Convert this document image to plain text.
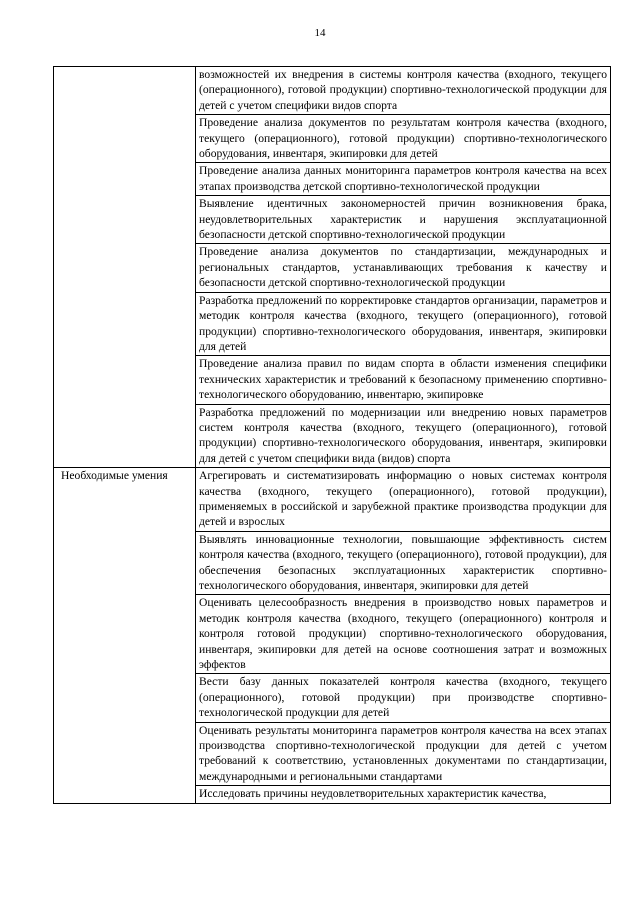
14
	возможностей их внедрения в системы контроля качества (входного, текущего (операционного), готовой продукции) спортивно-технологической продукции для детей с учетом специфики видов спорта
	Проведение анализа документов по результатам контроля качества (входного, текущего (операционного), готовой продукции) спортивно-технологического оборудования, инвентаря, экипировки для детей
	Проведение анализа данных мониторинга параметров контроля качества на всех этапах производства детской спортивно-технологической продукции
	Выявление идентичных закономерностей причин возникновения брака, неудовлетворительных характеристик и нарушения эксплуатационной безопасности детской спортивно-технологической продукции
	Проведение анализа документов по стандартизации, международных и региональных стандартов, устанавливающих требования к качеству и безопасности детской спортивно-технологической продукции
	Разработка предложений по корректировке стандартов организации, параметров и методик контроля качества (входного, текущего (операционного), готовой продукции) спортивно-технологического оборудования, инвентаря, экипировки для детей
	Проведение анализа правил по видам спорта в области изменения специфики технических характеристик и требований к безопасному применению спортивно-технологического оборудованию, инвентарю, экипировке
	Разработка предложений по модернизации или внедрению новых параметров систем контроля качества (входного, текущего (операционного), готовой продукции) спортивно-технологического оборудования, инвентаря, экипировки для детей с учетом специфики вида (видов) спорта

Необходимые умения	Агрегировать и систематизировать информацию о новых системах контроля качества (входного, текущего (операционного), готовой продукции), применяемых в российской и зарубежной практике производства продукции для детей и взрослых
	Выявлять инновационные технологии, повышающие эффективность систем контроля качества (входного, текущего (операционного), готовой продукции), для обеспечения безопасных эксплуатационных характеристик спортивно-технологического оборудования, инвентаря, экипировки для детей
	Оценивать целесообразность внедрения в производство новых параметров и методик контроля качества (входного, текущего (операционного) контроля и контроля готовой продукции) спортивно-технологического оборудования, инвентаря, экипировки для детей на основе соотношения затрат и возможных эффектов
	Вести базу данных показателей контроля качества (входного, текущего (операционного), готовой продукции) при производстве спортивно-технологической продукции для детей
	Оценивать результаты мониторинга параметров контроля качества на всех этапах производства спортивно-технологической продукции для детей с учетом требований к соответствию, установленных документами по стандартизации, международными и региональными стандартами
	Исследовать причины неудовлетворительных характеристик качества,
